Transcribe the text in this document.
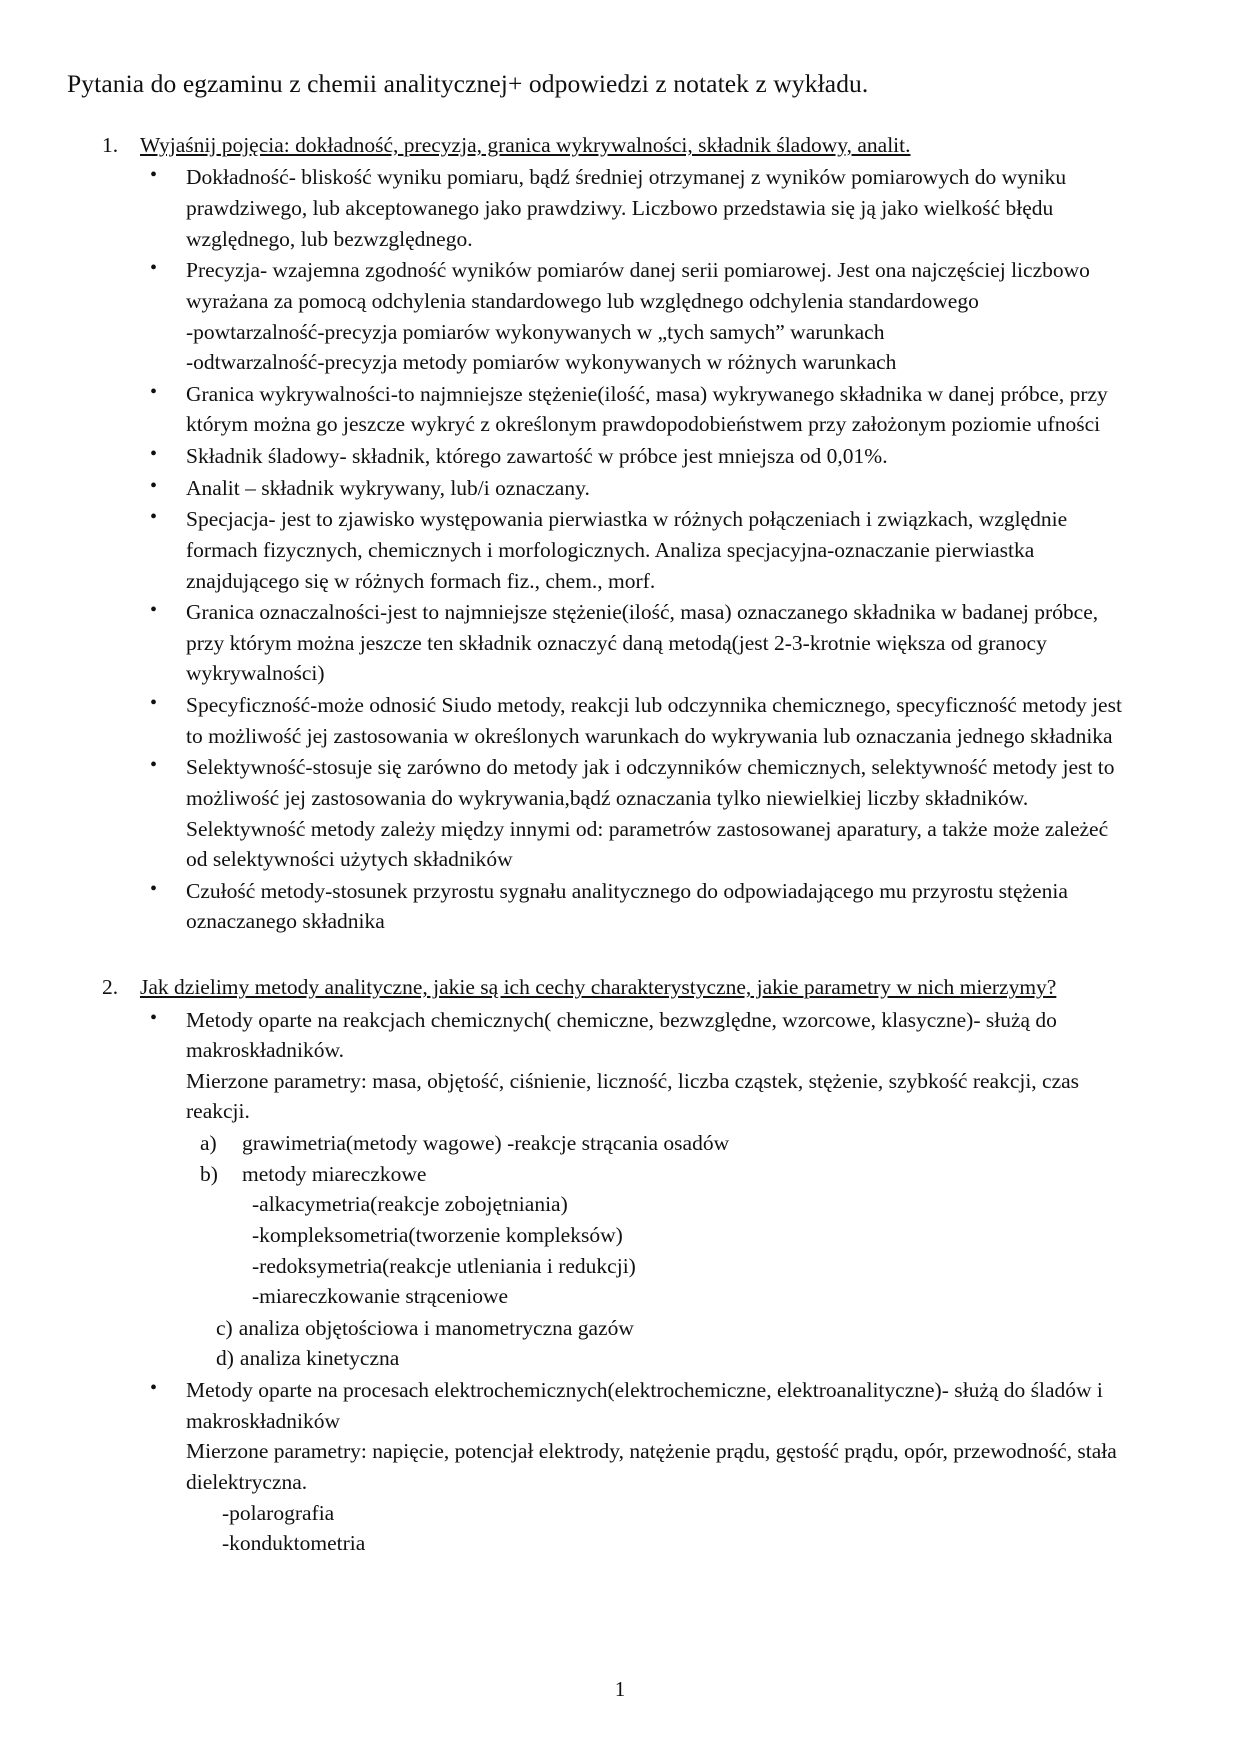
Pytania do egzaminu z chemii analitycznej+ odpowiedzi z notatek z wykładu.
1. Wyjaśnij pojęcia: dokładność, precyzja, granica wykrywalności, składnik śladowy, analit.
• Dokładność- bliskość wyniku pomiaru, bądź średniej otrzymanej z wyników pomiarowych do wyniku prawdziwego, lub akceptowanego jako prawdziwy. Liczbowo przedstawia się ją jako wielkość błędu względnego, lub bezwzględnego.
• Precyzja- wzajemna zgodność wyników pomiarów danej serii pomiarowej. Jest ona najczęściej liczbowo wyrażana za pomocą odchylenia standardowego lub względnego odchylenia standardowego
-powtarzalność-precyzja pomiarów wykonywanych w „tych samych” warunkach
-odtwarzalność-precyzja metody pomiarów wykonywanych w różnych warunkach
• Granica wykrywalności-to najmniejsze stężenie(ilość, masa) wykrywanego składnika w danej próbce, przy którym można go jeszcze wykryć z określonym prawdopodobieństwem przy założonym poziomie ufności
• Składnik śladowy- składnik, którego zawartość w próbce jest mniejsza od 0,01%.
• Analit – składnik wykrywany, lub/i oznaczany.
• Specjacja- jest to zjawisko występowania pierwiastka w różnych połączeniach i związkach, względnie formach fizycznych, chemicznych i morfologicznych. Analiza specjacyjna-oznaczanie pierwiastka znajdującego się w różnych formach fiz., chem., morf.
• Granica oznaczalności-jest to najmniejsze stężenie(ilość, masa) oznaczanego składnika w badanej próbce, przy którym można jeszcze ten składnik oznaczyć daną metodą(jest 2-3-krotnie większa od granocy wykrywalności)
• Specyficzność-może odnosić Siudo metody, reakcji lub odczynnika chemicznego, specyficzność metody jest to możliwość jej zastosowania w określonych warunkach do wykrywania lub oznaczania jednego składnika
• Selektywność-stosuje się zarówno do metody jak i odczynników chemicznych, selektywność metody jest to możliwość jej zastosowania do wykrywania,bądź oznaczania tylko niewielkiej liczby składników. Selektywność metody zależy między innymi od: parametrów zastosowanej aparatury, a także może zależeć od selektywności użytych składników
• Czułość metody-stosunek przyrostu sygnału analitycznego do odpowiadającego mu przyrostu stężenia oznaczanego składnika
2. Jak dzielimy metody analityczne, jakie są ich cechy charakterystyczne, jakie parametry w nich mierzymy?
• Metody oparte na reakcjach chemicznych( chemiczne, bezwzględne, wzorcowe, klasyczne)- służą do makroskładników.
Mierzone parametry: masa, objętość, ciśnienie, liczność, liczba cząstek, stężenie, szybkość reakcji, czas reakcji.
a) grawimetria(metody wagowe) -reakcje strącania osadów
b) metody miareczkowe
-alkacymetria(reakcje zobojętniania)
-kompleksometria(tworzenie kompleksów)
-redoksymetria(reakcje utleniania i redukcji)
-miareczkowanie strąceniowe
c) analiza objętościowa i manometryczna gazów
d) analiza kinetyczna
• Metody oparte na procesach elektrochemicznych(elektrochemiczne, elektroanalityczne)- służą do śladów i makroskładników
Mierzone parametry: napięcie, potencjał elektrody, natężenie prądu, gęstość prądu, opór, przewodność, stała dielektryczna.
-polarografia
-konduktometria
1
